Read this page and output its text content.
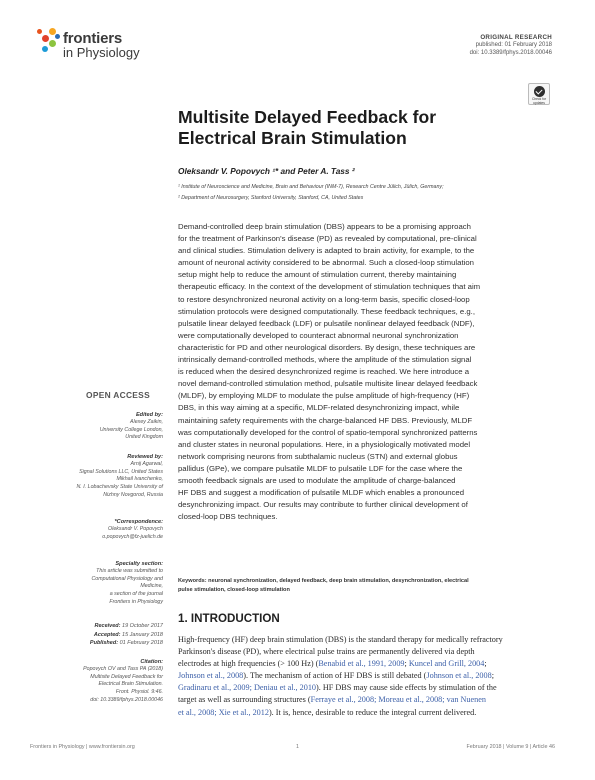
frontiers
in Physiology
ORIGINAL RESEARCH
published: 01 February 2018
doi: 10.3389/fphys.2018.00046
Check for
updates
Multisite Delayed Feedback for
Electrical Brain Stimulation
Oleksandr V. Popovych ¹* and Peter A. Tass ²
¹ Institute of Neuroscience and Medicine, Brain and Behaviour (INM-7), Research Centre Jülich, Jülich, Germany;
² Department of Neurosurgery, Stanford University, Stanford, CA, United States
Demand-controlled deep brain stimulation (DBS) appears to be a promising approach
for the treatment of Parkinson's disease (PD) as revealed by computational, pre-clinical
and clinical studies. Stimulation delivery is adapted to brain activity, for example, to the
amount of neuronal activity considered to be abnormal. Such a closed-loop stimulation
setup might help to reduce the amount of stimulation current, thereby maintaining
therapeutic efficacy. In the context of the development of stimulation techniques that aim
to restore desynchronized neuronal activity on a long-term basis, specific closed-loop
stimulation protocols were designed computationally. These feedback techniques, e.g.,
pulsatile linear delayed feedback (LDF) or pulsatile nonlinear delayed feedback (NDF),
were computationally developed to counteract abnormal neuronal synchronization
characteristic for PD and other neurological disorders. By design, these techniques are
intrinsically demand-controlled methods, where the amplitude of the stimulation signal
is reduced when the desired desynchronized regime is reached. We here introduce a
novel demand-controlled stimulation method, pulsatile multisite linear delayed feedback
(MLDF), by employing MLDF to modulate the pulse amplitude of high-frequency (HF)
DBS, in this way aiming at a specific, MLDF-related desynchronizing impact, while
maintaining safety requirements with the charge-balanced HF DBS. Previously, MLDF
was computationally developed for the control of spatio-temporal synchronized patterns
and cluster states in neuronal populations. Here, in a physiologically motivated model
network comprising neurons from subthalamic nucleus (STN) and external globus
pallidus (GPe), we compare pulsatile MLDF to pulsatile LDF for the case where the
smooth feedback signals are used to modulate the amplitude of charge-balanced
HF DBS and suggest a modification of pulsatile MLDF which enables a pronounced
desynchronizing impact. Our results may contribute to further clinical development of
closed-loop DBS techniques.
Keywords: neuronal synchronization, delayed feedback, deep brain stimulation, desynchronization, electrical
pulse stimulation, closed-loop stimulation
1. INTRODUCTION
High-frequency (HF) deep brain stimulation (DBS) is the standard therapy for medically refractory
Parkinson's disease (PD), where electrical pulse trains are permanently delivered via depth
electrodes at high frequencies (> 100 Hz) (Benabid et al., 1991, 2009; Kuncel and Grill, 2004;
Johnson et al., 2008). The mechanism of action of HF DBS is still debated (Johnson et al., 2008;
Gradinaru et al., 2009; Deniau et al., 2010). HF DBS may cause side effects by stimulation of the
target as well as surrounding structures (Ferraye et al., 2008; Moreau et al., 2008; van Nuenen
et al., 2008; Xie et al., 2012). It is, hence, desirable to reduce the integral current delivered.
OPEN ACCESS
Edited by:
Alexey Zaikin,
University College London,
United Kingdom
Reviewed by:
Arnij Agarwal,
Signal Solutions LLC, United States
Mikhail Ivanchenko,
N. I. Lobachevsky State University of
Nizhny Novgorod, Russia
*Correspondence:
Oleksandr V. Popovych
o.popovych@fz-juelich.de
Specialty section:
This article was submitted to
Computational Physiology and
Medicine,
a section of the journal
Frontiers in Physiology
Received: 19 October 2017
Accepted: 15 January 2018
Published: 01 February 2018
Citation:
Popovych OV and Tass PA (2018)
Multisite Delayed Feedback for
Electrical Brain Stimulation.
Front. Physiol. 9:46.
doi: 10.3389/fphys.2018.00046
Frontiers in Physiology | www.frontiersin.org	1	February 2018 | Volume 9 | Article 46
